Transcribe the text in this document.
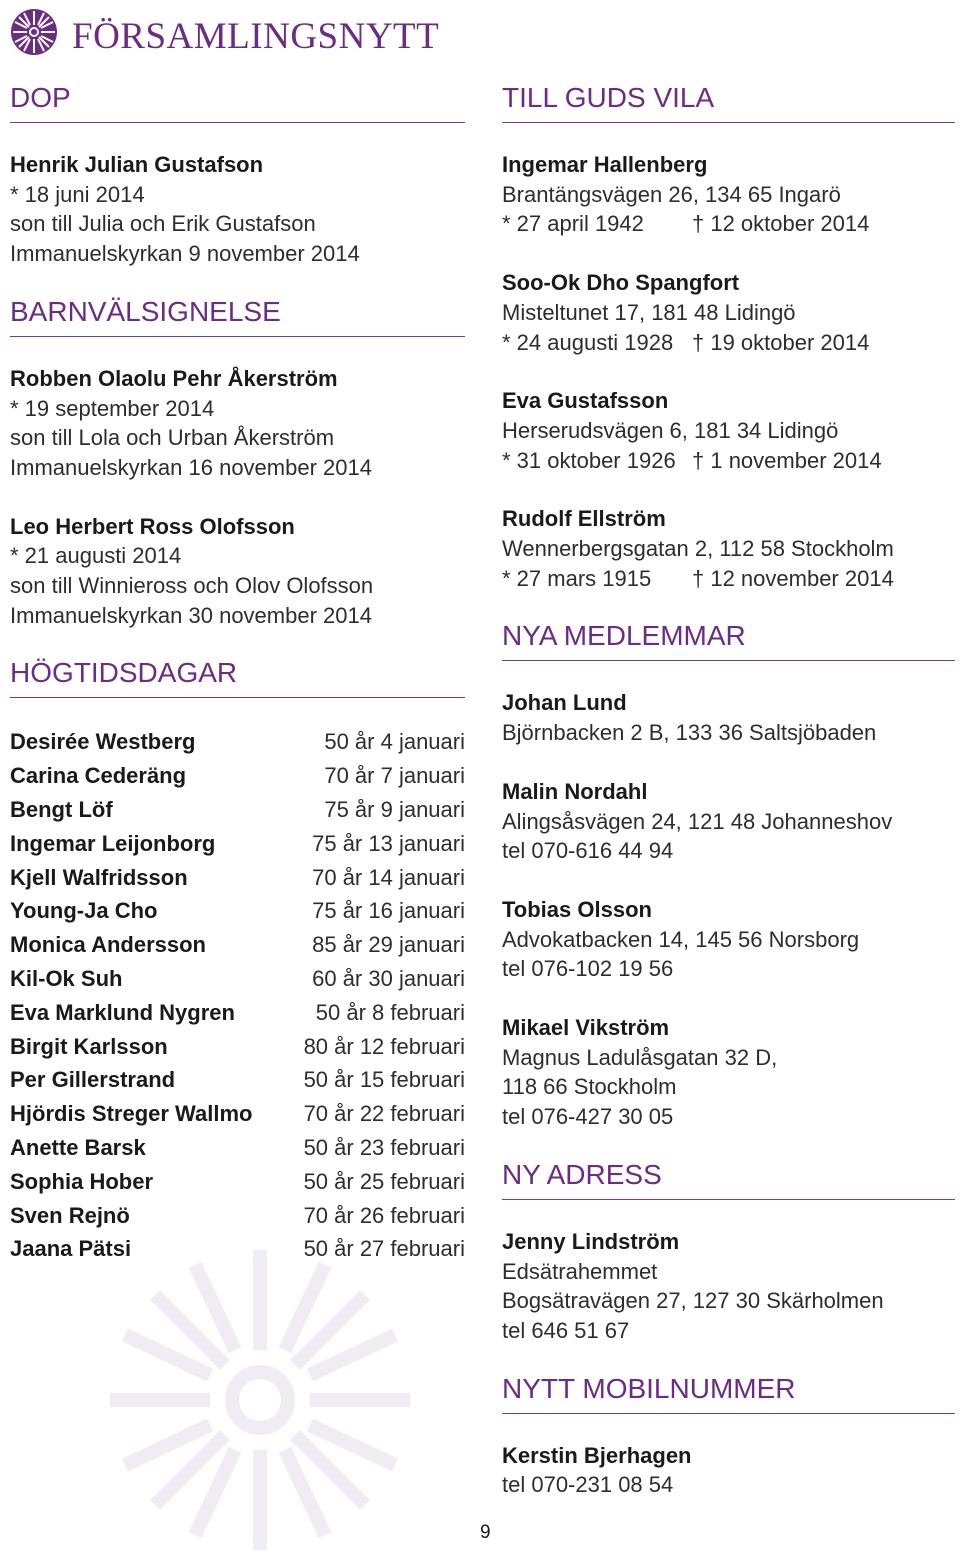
FÖRSAMLINGSNYTT
DOP
Henrik Julian Gustafson
* 18 juni 2014
son till Julia och Erik Gustafson
Immanuelskyrkan 9 november 2014
BARNVÄLSIGNELSE
Robben Olaolu Pehr Åkerström
* 19 september 2014
son till Lola och Urban Åkerström
Immanuelskyrkan 16 november 2014
Leo Herbert Ross Olofsson
* 21 augusti 2014
son till Winnieross och Olov Olofsson
Immanuelskyrkan 30 november 2014
HÖGTIDSDAGAR
Desirée Westberg	50 år 4 januari
Carina Cederäng	70 år 7 januari
Bengt Löf	75 år 9 januari
Ingemar Leijonborg	75 år 13 januari
Kjell Walfridsson	70 år 14 januari
Young-Ja Cho	75 år 16 januari
Monica Andersson	85 år 29 januari
Kil-Ok Suh	60 år 30 januari
Eva Marklund Nygren	50 år 8 februari
Birgit Karlsson	80 år 12 februari
Per Gillerstrand	50 år 15 februari
Hjördis Streger Wallmo 70 år 22 februari
Anette Barsk	50 år 23 februari
Sophia Hober	50 år 25 februari
Sven Rejnö	70 år 26 februari
Jaana Pätsi	50 år 27 februari
TILL GUDS VILA
Ingemar Hallenberg
Brantängsvägen 26, 134 65 Ingarö
* 27 april 1942	† 12 oktober 2014
Soo-Ok Dho Spangfort
Misteltunet 17, 181 48 Lidingö
* 24 augusti 1928 † 19 oktober 2014
Eva Gustafsson
Herserudsvägen 6, 181 34 Lidingö
* 31 oktober 1926 † 1 november 2014
Rudolf Ellström
Wennerbergsgatan 2, 112 58 Stockholm
* 27 mars 1915	† 12 november 2014
NYA MEDLEMMAR
Johan Lund
Björnbacken 2 B, 133 36 Saltsjöbaden
Malin Nordahl
Alingsåsvägen 24, 121 48 Johanneshov
tel 070-616 44 94
Tobias Olsson
Advokatbacken 14, 145 56 Norsborg
tel 076-102 19 56
Mikael Vikström
Magnus Ladulåsgatan 32 D,
118 66 Stockholm
tel 076-427 30 05
NY ADRESS
Jenny Lindström
Edsätrahemmet
Bogsätravägen 27, 127 30 Skärholmen
tel 646 51 67
NYTT MOBILNUMMER
Kerstin Bjerhagen
tel 070-231 08 54
9
